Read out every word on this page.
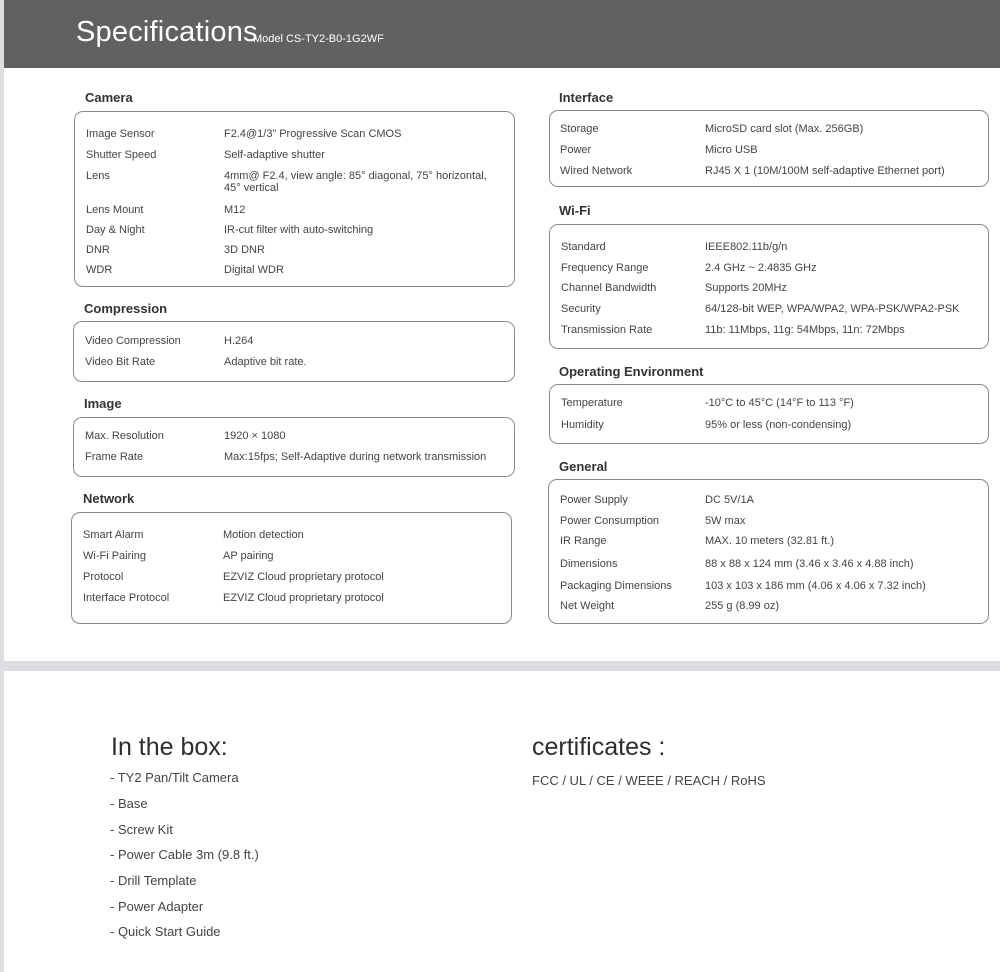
Specifications
Model CS-TY2-B0-1G2WF
Camera
Image Sensor	F2.4@1/3” Progressive Scan CMOS
Shutter Speed	Self-adaptive shutter
Lens	4mm@ F2.4, view angle: 85° diagonal, 75° horizontal, 45° vertical
Lens Mount	M12
Day & Night	IR-cut filter with auto-switching
DNR	3D DNR
WDR	Digital WDR
Compression
Video Compression	H.264
Video Bit Rate	Adaptive bit rate.
Image
Max. Resolution	1920 × 1080
Frame Rate	Max:15fps; Self-Adaptive during network transmission
Network
Smart Alarm	Motion detection
Wi-Fi Pairing	AP pairing
Protocol	EZVIZ Cloud proprietary protocol
Interface Protocol	EZVIZ Cloud proprietary protocol
Interface
Storage	MicroSD card slot (Max. 256GB)
Power	Micro USB
Wired Network	RJ45 X 1 (10M/100M self-adaptive Ethernet port)
Wi-Fi
Standard	IEEE802.11b/g/n
Frequency Range	2.4 GHz ~ 2.4835 GHz
Channel Bandwidth	Supports 20MHz
Security	64/128-bit WEP, WPA/WPA2, WPA-PSK/WPA2-PSK
Transmission Rate	11b: 11Mbps, 11g: 54Mbps, 11n: 72Mbps
Operating Environment
Temperature	-10°C to 45°C (14°F to 113 °F)
Humidity	95% or less (non-condensing)
General
Power Supply	DC 5V/1A
Power Consumption	5W max
IR Range	MAX. 10 meters (32.81 ft.)
Dimensions	88 x 88 x 124 mm (3.46 x 3.46 x 4.88 inch)
Packaging Dimensions	103 x 103 x 186 mm (4.06 x 4.06 x 7.32 inch)
Net Weight	255 g (8.99 oz)
In the box:
- TY2 Pan/Tilt Camera
- Base
- Screw Kit
- Power Cable 3m (9.8 ft.)
- Drill Template
- Power Adapter
- Quick Start Guide
certificates :
FCC / UL / CE / WEEE / REACH / RoHS
